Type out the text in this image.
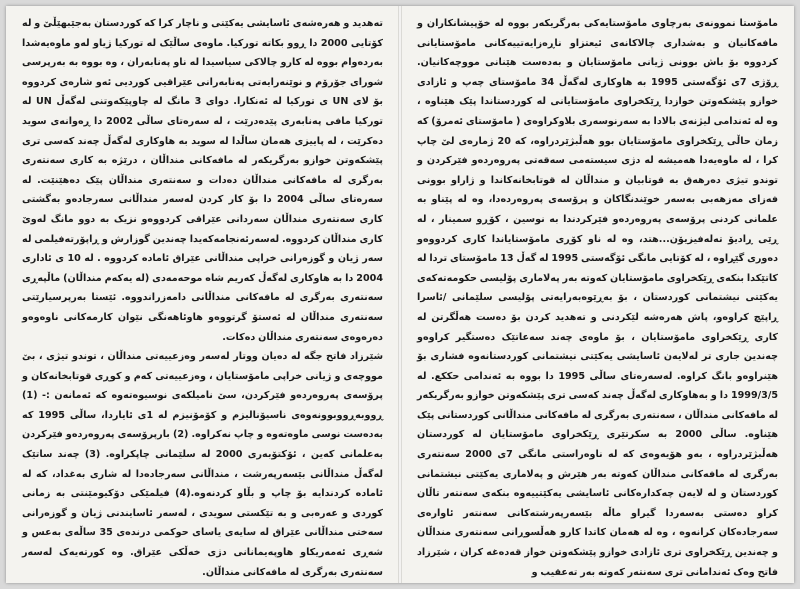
تەهدید و هەرەشەی ئاسایشی یەکێتی و ناچار کرا کە کوردستان بەجێبهێڵێ و لە کۆتایی 2000 دا ڕوو بکاتە تورکیا. ماوەی ساڵێک لە تورکیا ژیاو لەو ماوەیەشدا بەردەوام بووە لە کارو چالاکی سیاسیدا لە ناو پەنابەران ، وە بووە بە بەرپرسی شورای جۆرۆم و نوێنەرایەتی پەنابەرانی عێراقیی کوردیی ئەو شارەی کردووە بۆ لای UN ی تورکیا لە ئەنکارا. دوای 3 مانگ لە چاوپێکەوتنی لەگەڵ UN لە تورکیا مافی پەنابەری پێدەدرێت ، لە سەرەتای ساڵی 2002 دا ڕەوانەی سوید دەکرێت ، لە پاییزی هەمان ساڵدا لە سوید بە هاوکاری لەگەڵ چەند کەسی تری پێشکەوتن خوازو بەرگریکەر لە مافەکانی منداڵان ، درێژە بە کاری سەنتەری بەرگری لە مافەکانی منداڵان دەدات و سەنتەری منداڵان پێک دەهێنێت. لە سەرەتای ساڵی 2004 دا بۆ کار کردن لەسەر منداڵانی سەرجادەو بەگشتی کاری سەنتەری منداڵان سەردانی عێراقی کردووەو نزیک بە دوو مانگ لەوێ کاری منداڵان کردووە. لەسەرئەنجامەکەیدا چەندین گوزارش و ڕاپۆرتەفیلمی لە سەر ژیان و گوزەرانی خراپی منداڵانی عێراق ئامادە کردووە . لە 10 ی ئاداری 2004 دا بە هاوکاری لەگەڵ کەریم شاه موحەمەدی (لە یەکەم منداڵان) ماڵپەڕی سەنتەری بەرگری لە مافەکانی منداڵانی دامەزراندووە. ئێستا بەرپرسیارێتی سەنتەری منداڵان لە ئەستۆ گرتووەو هاوئاهەنگی نێوان کارمەکانی ناوەوەو دەرەوەی سەنتەری منداڵان دەکات.

شێرزاد فاتح جگە لە دەیان ووتار لەسەر وەزعییەتی منداڵان ، توندو تیژی ، بێ مووچەی و ژیانی خراپی مامۆستایان ، وەزعییەتی کەم و کوڕی قوتابخانەکان و پرۆسەی پەروەردەو فێرکردن، سێ نامیلکەی نوسیوەتەوە کە ئەمانەن :- (1) ڕووبەڕووبوونەوەی ناسیۆنالیزم و کۆمۆنیزم لە 1ی ئایاردا، ساڵی 1995 کە بەدەست نوسی ماوەتەوە و چاپ نەکراوە. (2) بارپرۆسەی پەروەردەو فێرکردن بەعلمانی کەین ، ئۆکتۆبەری 2000 لە سلێمانی چاپکراوە. (3) چەند ساتێک لەگەڵ منداڵانی بێسەرپەرشت ، منداڵانی سەرجادەدا لە شاری بەغداد، کە لە ئامادە کردندایە بۆ چاپ و بڵاو کردنەوە.(4) فیلمێکی دۆکیومێنتی بە زمانی کوردی و عەرەبی و بە تێکستی سویدی ، لەسەر ئاسایندنی ژیان و گوزەرانی سەختی منداڵانی عێراق لە سایەی یاسای حوکمی درندەی 35 ساڵەی بەعس و شەڕی ئەمەریکاو هاوپەیمانانی دژی خەڵکی عێراق. وە کورتەیەک لەسەر سەنتەری بەرگری لە مافەکانی منداڵان.

مامۆستا نموونەی بەرچاوی مامۆستایەکی بەرگریکەر بووە لە خۆپیشانکاران و مافەکانیان و بەشداری چالاکانەی ئیعتزاو ناڕەزایەتییەکانی مامۆستایانی کردووە بۆ باش بوونی ژیانی مامۆستایان و بەدەست هێنانی مووچەکانیان. ڕۆژی 7ی ئۆگەستی 1995 بە هاوکاری لەگەڵ 34 مامۆستای چەپ و ئازادی خوازو پێشکەوتن خوازدا ڕێکخراوی مامۆستایانی لە کوردستاندا پێک هێناوە ، وە لە ئەندامی لیژنەی بالادا بە سەرنوسەری بلاوکراوەی ( مامۆستای ئەمرۆ) کە زمان حاڵی ڕێکخراوی مامۆستایان بوو هەڵبژێردراوە، کە 20 ژمارەی لێ چاپ کرا ، لە ماوەیەدا هەمیشە لە دژی سیستەمی سەقەتی پەروەردەو فێرکردن و توندو تیژی دەرهەق بە قوتابیان و منداڵان لە قوتابخانەکاندا و ژاراو بوونی فەزای مەزهەبی بەسەر خوێندنگاکان و پرۆسەی پەروەردەدا، وە لە پێناو بە علمانی کردنی پرۆسەی پەروەردەو فێرکردندا بە نوسین ، کۆڕو سمینار ، لە ڕێی ڕادیۆ تەلەفیزیۆن...هتد، وە لە ناو کۆڕی مامۆستایاندا کاری کردووەو دەوری گێڕاوە ، لە کۆتایی مانگی ئۆگەستی 1995 لە گەڵ 13 مامۆستای تردا لە کاتێکدا بنکەی ڕێکخراوی مامۆستایان کەوتە بەر پەلاماری پۆلیسی حکومەتەکەی یەکێتی نیشتمانی کوردستان ، بۆ بەڕێوەبەرایەتی پۆلیسی سلێمانی /ئاسرا ڕاپێچ کراوەو، پاش هەرەشە لێکردنی و تەهدید کردن بۆ دەست هەڵگرتن لە کاری ڕێکخراوی مامۆستایان ، بۆ ماوەی چەند سەعاتێک دەستگیر کراوەو چەندین جاری تر لەلایەن ئاسایشی یەکێتی نیشتمانی کوردستانەوە فشاری بۆ هێنراوەو بانگ کراوە. لەسەرەتای ساڵی 1995 دا بووە بە ئەندامی حککع. لە 1999/3/5 دا و بەهاوکاری لەگەڵ چەند کەسی تری پێشکەوتن خوازو بەرگریکەر لە مافەکانی منداڵان ، سەنتەری بەرگری لە مافەکانی منداڵانی کوردستانی پێک هێناوە. ساڵی 2000 بە سکرتێری ڕێکخراوی مامۆستایان لە کوردستان هەڵبژێردراوە ، بەو هۆیەوەی کە لە ناوەراستی مانگی 7ی 2000 سەنتەری بەرگری لە مافەکانی منداڵان کەوتە بەر هێرش و پەلاماری یەکێتی نیشتمانی کوردستان و لە لایەن چەکدارەکانی ئاسایشی یەکێتییەوە بنکەی سەنتەر تاڵان کراو دەستی بەسەردا گیراو ماڵە بێسەرپەرشتەکانی سەنتەر ئاوارەی سەرجادەکان کرانەوە ، وە لە هەمان کاتدا کارو هەڵسوڕانی سەنتەری منداڵان و چەندین ڕێکخراوی تری ئازادی خوازو پێشکەوتن خواز قەدەغە کران ، شێرزاد فاتح وەک ئەندامانی تری سەنتەر کەوتە بەر تەعقیب و
